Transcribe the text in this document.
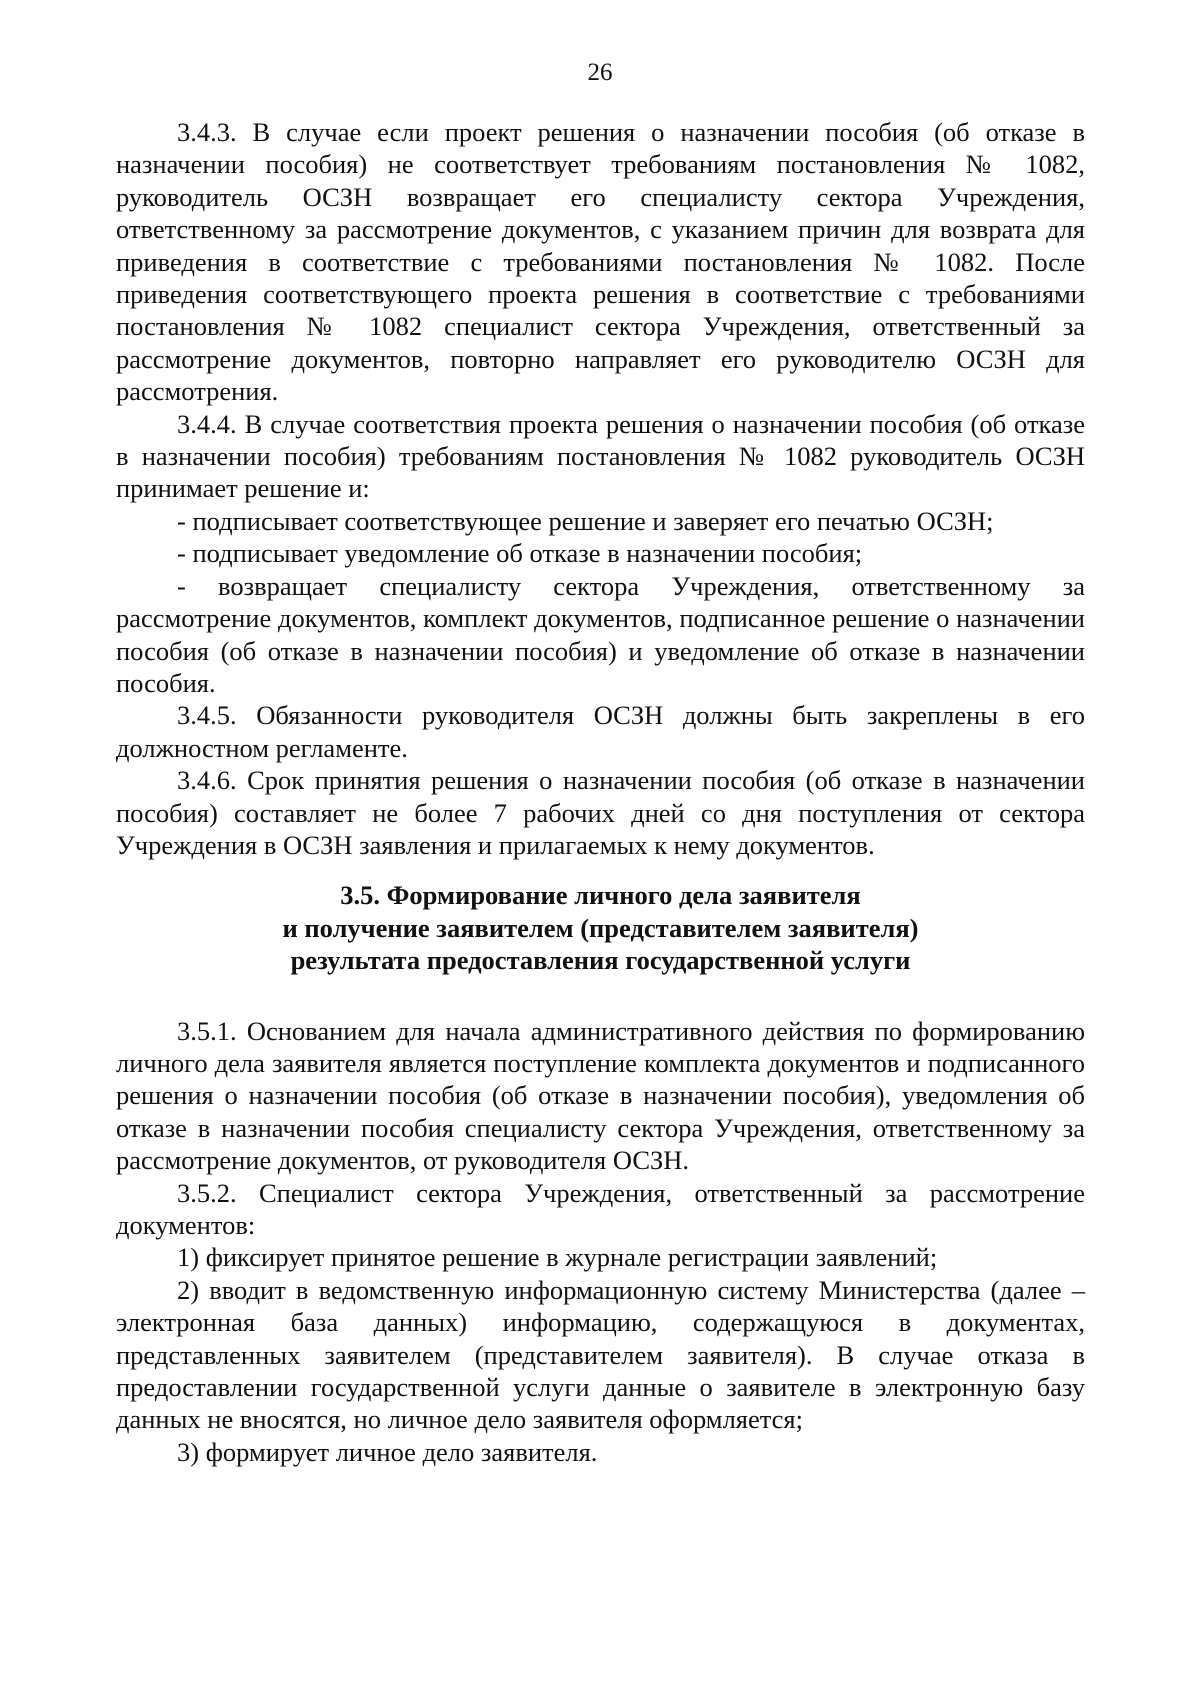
26

3.4.3. В случае если проект решения о назначении пособия (об отказе в назначении пособия) не соответствует требованиям постановления № 1082, руководитель ОСЗН возвращает его специалисту сектора Учреждения, ответственному за рассмотрение документов, с указанием причин для возврата для приведения в соответствие с требованиями постановления № 1082. После приведения соответствующего проекта решения в соответствие с требованиями постановления № 1082 специалист сектора Учреждения, ответственный за рассмотрение документов, повторно направляет его руководителю ОСЗН для рассмотрения.

3.4.4. В случае соответствия проекта решения о назначении пособия (об отказе в назначении пособия) требованиям постановления № 1082 руководитель ОСЗН принимает решение и:

- подписывает соответствующее решение и заверяет его печатью ОСЗН;

- подписывает уведомление об отказе в назначении пособия;

- возвращает специалисту сектора Учреждения, ответственному за рассмотрение документов, комплект документов, подписанное решение о назначении пособия (об отказе в назначении пособия) и уведомление об отказе в назначении пособия.

3.4.5. Обязанности руководителя ОСЗН должны быть закреплены в его должностном регламенте.

3.4.6. Срок принятия решения о назначении пособия (об отказе в назначении пособия) составляет не более 7 рабочих дней со дня поступления от сектора Учреждения в ОСЗН заявления и прилагаемых к нему документов.

3.5. Формирование личного дела заявителя
и получение заявителем (представителем заявителя)
результата предоставления государственной услуги

3.5.1. Основанием для начала административного действия по формированию личного дела заявителя является поступление комплекта документов и подписанного решения о назначении пособия (об отказе в назначении пособия), уведомления об отказе в назначении пособия специалисту сектора Учреждения, ответственному за рассмотрение документов, от руководителя ОСЗН.

3.5.2. Специалист сектора Учреждения, ответственный за рассмотрение документов:

1) фиксирует принятое решение в журнале регистрации заявлений;

2) вводит в ведомственную информационную систему Министерства (далее – электронная база данных) информацию, содержащуюся в документах, представленных заявителем (представителем заявителя). В случае отказа в предоставлении государственной услуги данные о заявителе в электронную базу данных не вносятся, но личное дело заявителя оформляется;

3) формирует личное дело заявителя.
